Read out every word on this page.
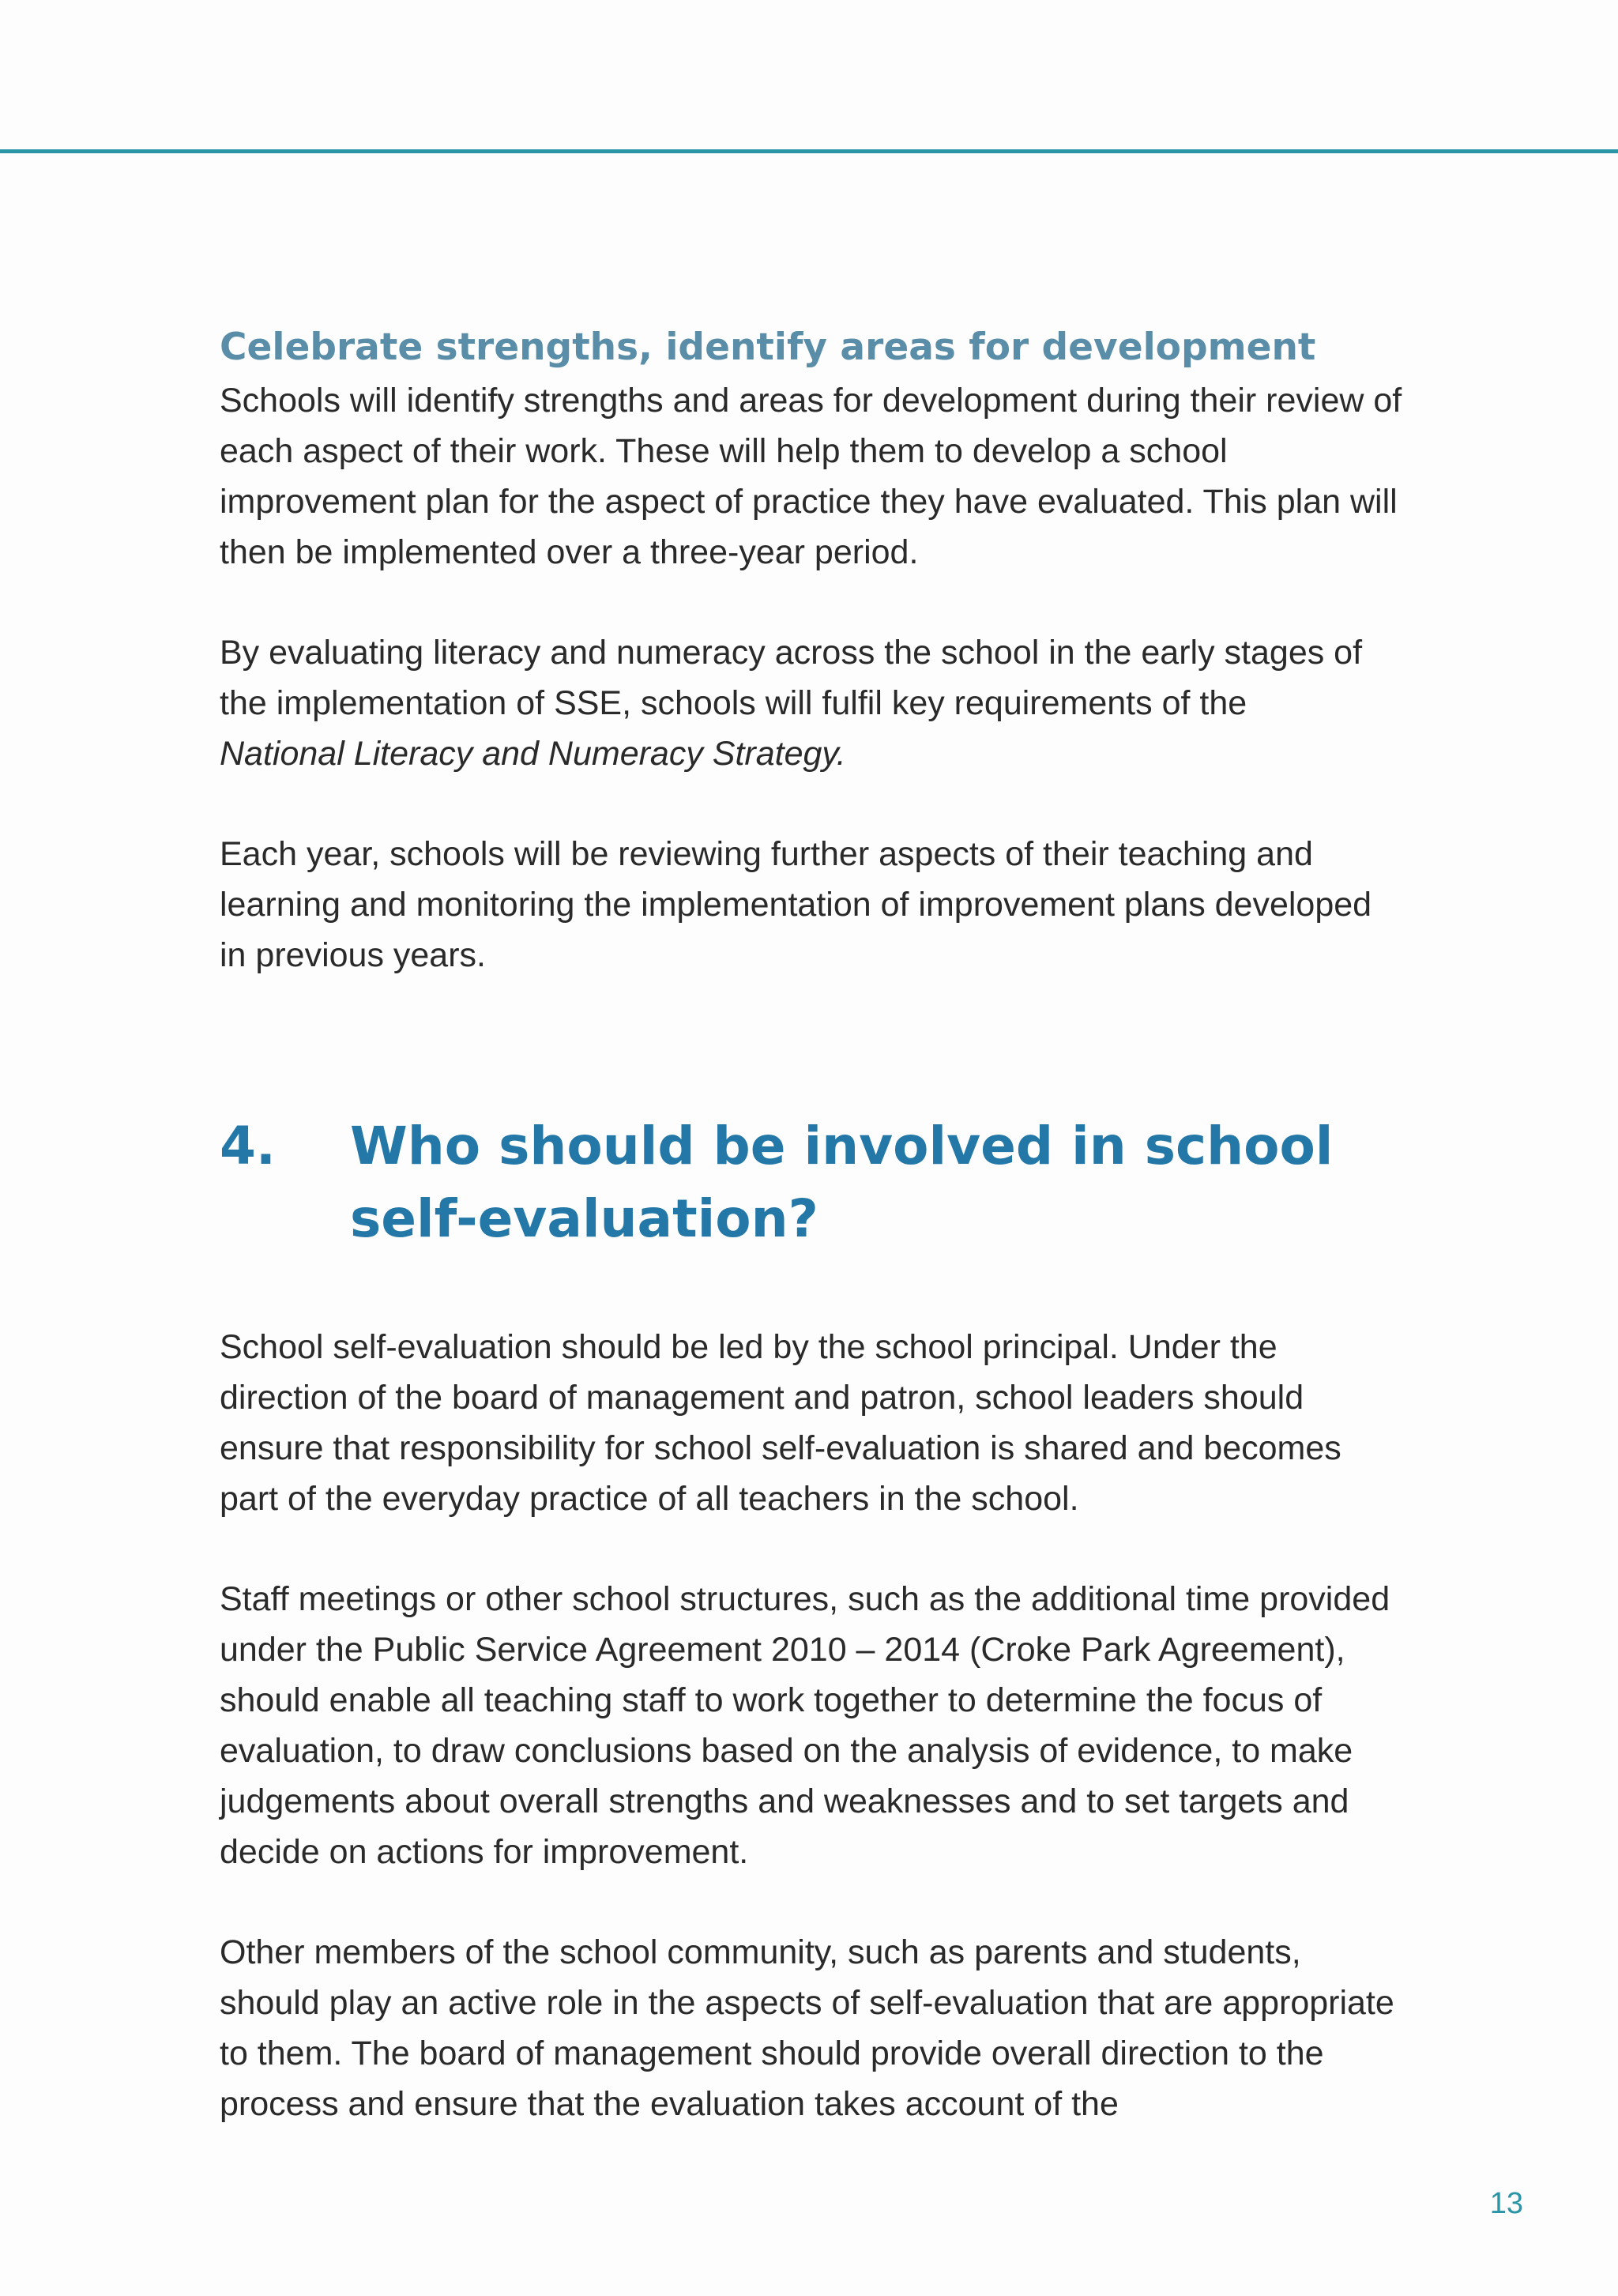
Celebrate strengths, identify areas for development

Schools will identify strengths and areas for development during their review of each aspect of their work. These will help them to develop a school improvement plan for the aspect of practice they have evaluated. This plan will then be implemented over a three-year period.

By evaluating literacy and numeracy across the school in the early stages of the implementation of SSE, schools will fulfil key requirements of the
National Literacy and Numeracy Strategy.

Each year, schools will be reviewing further aspects of their teaching and learning and monitoring the implementation of improvement plans developed in previous years.

4.	Who should be involved in school self-evaluation?

School self-evaluation should be led by the school principal. Under the direction of the board of management and patron, school leaders should ensure that responsibility for school self-evaluation is shared and becomes part of the everyday practice of all teachers in the school.

Staff meetings or other school structures, such as the additional time provided under the Public Service Agreement 2010 – 2014 (Croke Park Agreement), should enable all teaching staff to work together to determine the focus of evaluation, to draw conclusions based on the analysis of evidence, to make judgements about overall strengths and weaknesses and to set targets and decide on actions for improvement.

Other members of the school community, such as parents and students, should play an active role in the aspects of self-evaluation that are appropriate to them. The board of management should provide overall direction to the process and ensure that the evaluation takes account of the

13
